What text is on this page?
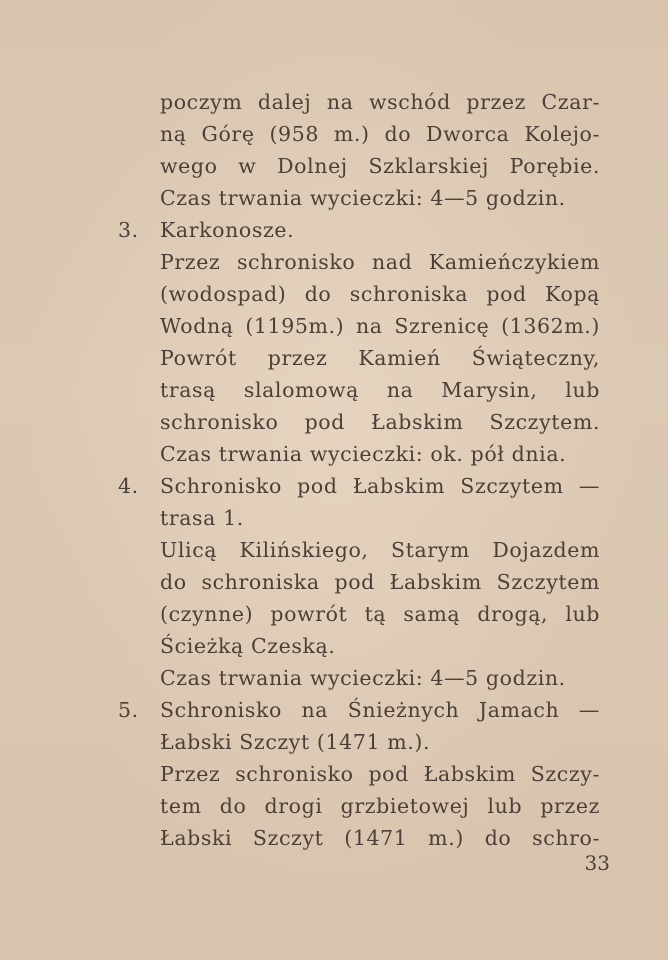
poczym dalej na wschód przez Czar-
ną Górę (958 m.) do Dworca Kolejo-
wego w Dolnej Szklarskiej Porębie.
Czas trwania wycieczki: 4—5 godzin.
3.	Karkonosze.
Przez schronisko nad Kamieńczykiem
(wodospad) do schroniska pod Kopą
Wodną (1195m.) na Szrenicę (1362m.)
Powrót przez Kamień Świąteczny,
trasą slalomową na Marysin, lub
schronisko pod Łabskim Szczytem.
Czas trwania wycieczki: ok. pół dnia.
4.	Schronisko pod Łabskim Szczytem —
trasa 1.
Ulicą Kilińskiego, Starym Dojazdem
do schroniska pod Łabskim Szczytem
(czynne) powrót tą samą drogą, lub
Ścieżką Czeską.
Czas trwania wycieczki: 4—5 godzin.
5.	Schronisko na Śnieżnych Jamach —
Łabski Szczyt (1471 m.).
Przez schronisko pod Łabskim Szczy-
tem do drogi grzbietowej lub przez
Łabski Szczyt (1471 m.) do schro-
33
